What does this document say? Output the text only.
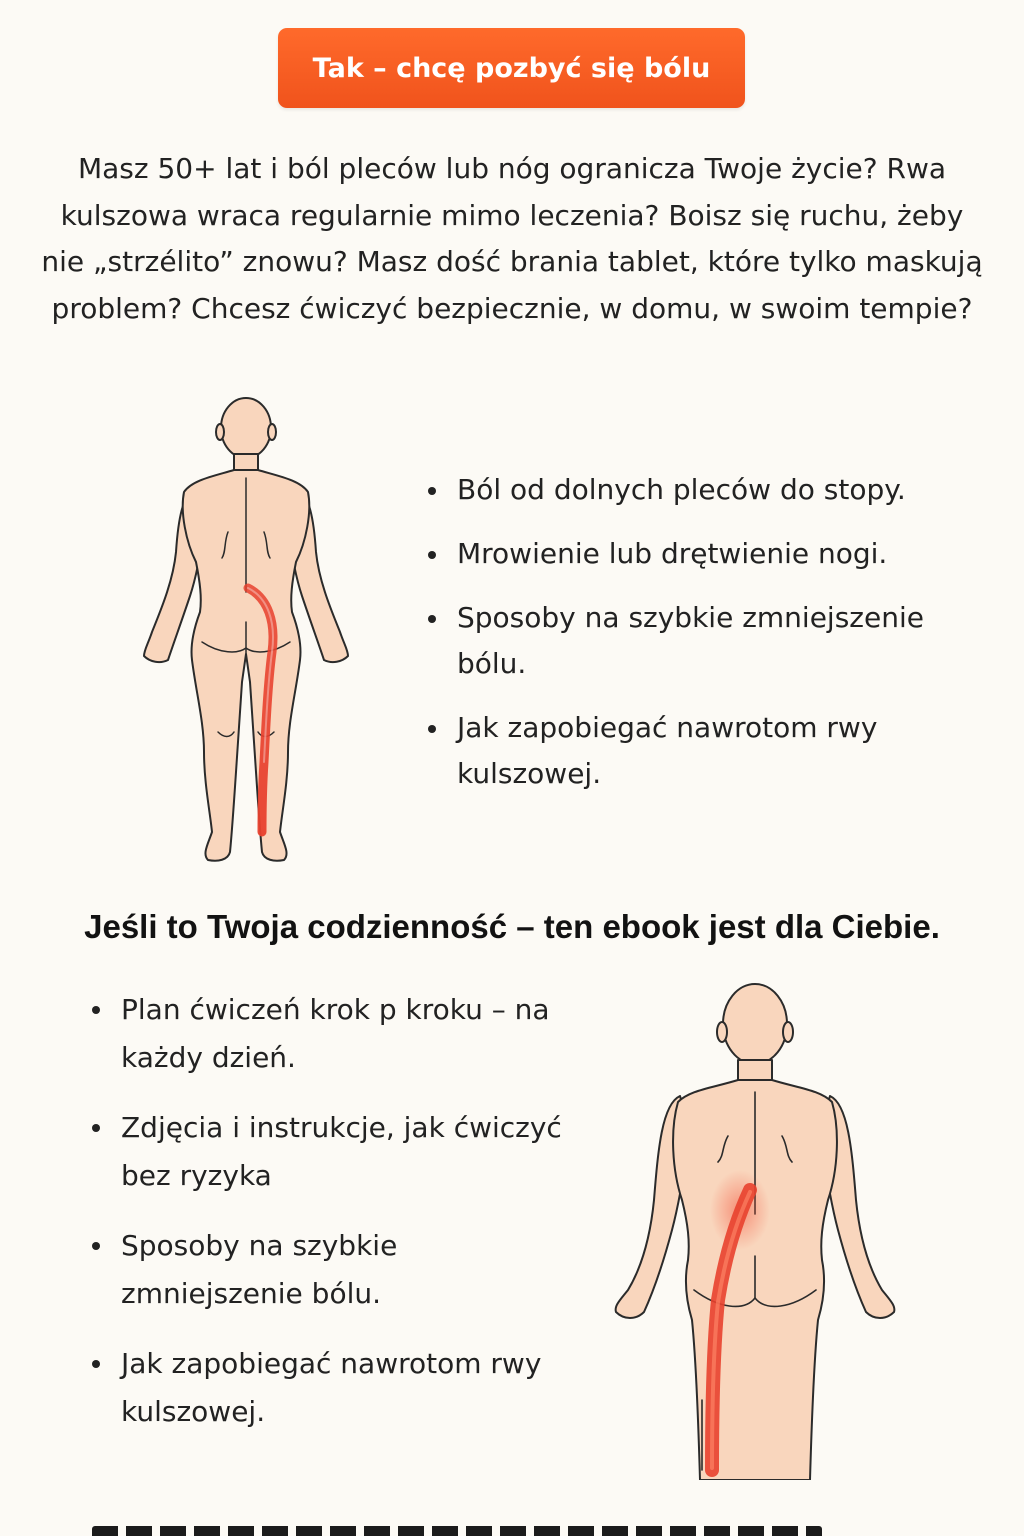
Tak – chcę pozbyć się bólu

Masz 50+ lat i ból pleców lub nóg ogranicza Twoje życie? Rwa kulszowa wraca regularnie mimo leczenia? Boisz się ruchu, żeby nie „strzélito” znowu? Masz dość brania tablet, które tylko maskują problem? Chcesz ćwiczyć bezpiecznie, w domu, w swoim tempie?

Ból od dolnych pleców do stopy.
Mrowienie lub drętwienie nogi.
Sposoby na szybkie zmniejszenie bólu.
Jak zapobiegać nawrotom rwy kulszowej.
Jeśli to Twoja codzienność – ten ebook jest dla Ciebie.
Plan ćwiczeń krok p kroku – na każdy dzień.
Zdjęcia i instrukcje, jak ćwiczyć bez ryzyka
Sposoby na szybkie zmniejszenie bólu.
Jak zapobiegać nawrotom rwy kulszowej.
